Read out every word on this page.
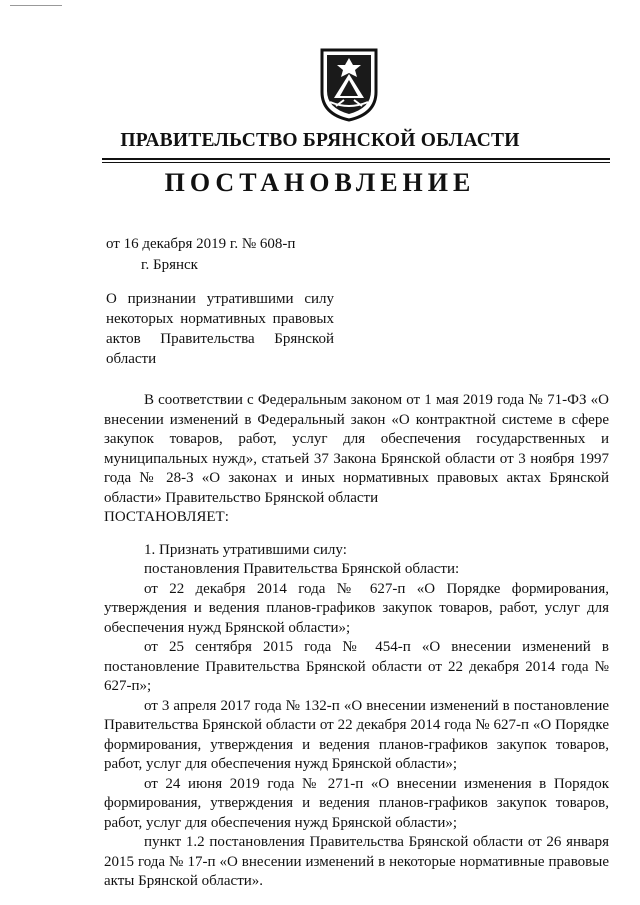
ПРАВИТЕЛЬСТВО БРЯНСКОЙ ОБЛАСТИ
ПОСТАНОВЛЕНИЕ
от 16 декабря 2019 г. № 608-п
г. Брянск
О признании утратившими силу
некоторых нормативных правовых
актов Правительства Брянской
области

В соответствии с Федеральным законом от 1 мая 2019 года № 71-ФЗ «О внесении изменений в Федеральный закон «О контрактной системе в сфере закупок товаров, работ, услуг для обеспечения государственных и муниципальных нужд», статьей 37 Закона Брянской области от 3 ноября 1997 года № 28-З «О законах и иных нормативных правовых актах Брянской области» Правительство Брянской области

ПОСТАНОВЛЯЕТ:

1. Признать утратившими силу:

постановления Правительства Брянской области:

от 22 декабря 2014 года № 627-п «О Порядке формирования, утверждения и ведения планов-графиков закупок товаров, работ, услуг для обеспечения нужд Брянской области»;

от 25 сентября 2015 года № 454-п «О внесении изменений в постановление Правительства Брянской области от 22 декабря 2014 года № 627-п»;

от 3 апреля 2017 года № 132-п «О внесении изменений в постановление Правительства Брянской области от 22 декабря 2014 года № 627-п «О Порядке формирования, утверждения и ведения планов-графиков закупок товаров, работ, услуг для обеспечения нужд Брянской области»;

от 24 июня 2019 года № 271-п «О внесении изменения в Порядок формирования, утверждения и ведения планов-графиков закупок товаров, работ, услуг для обеспечения нужд Брянской области»;

пункт 1.2 постановления Правительства Брянской области от 26 января 2015 года № 17-п «О внесении изменений в некоторые нормативные правовые акты Брянской области».
